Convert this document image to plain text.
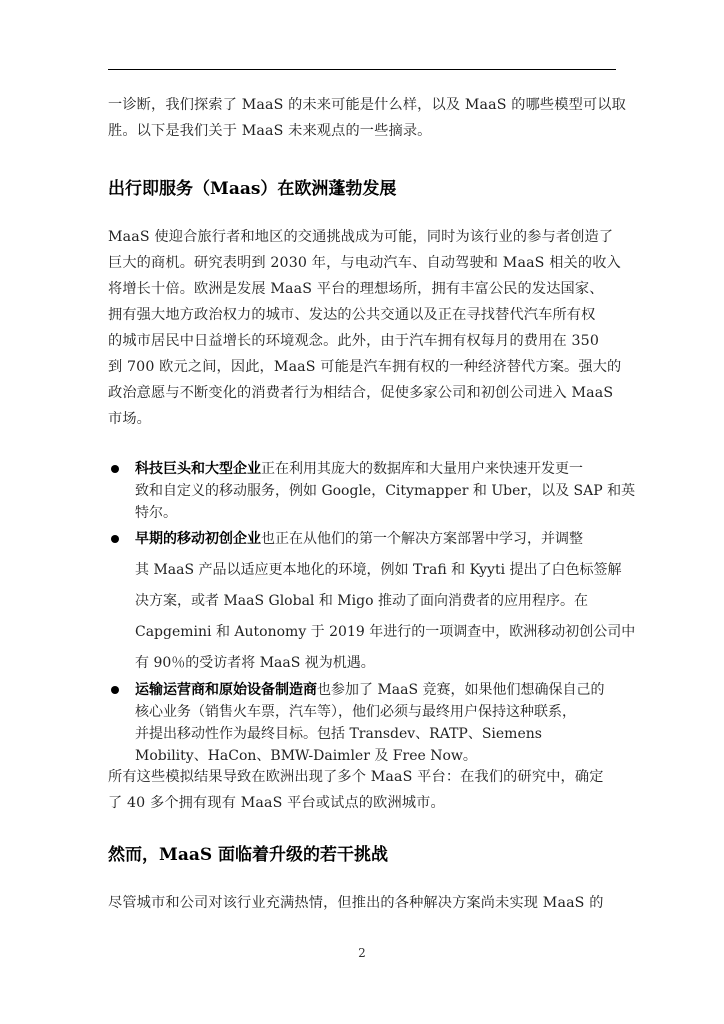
一诊断，我们探索了 MaaS 的未来可能是什么样，以及 MaaS 的哪些模型可以取
胜。以下是我们关于 MaaS 未来观点的一些摘录。
出行即服务（Maas）在欧洲蓬勃发展
MaaS 使迎合旅行者和地区的交通挑战成为可能，同时为该行业的参与者创造了
巨大的商机。研究表明到 2030 年，与电动汽车、自动驾驶和 MaaS 相关的收入
将增长十倍。欧洲是发展 MaaS 平台的理想场所，拥有丰富公民的发达国家、
拥有强大地方政治权力的城市、发达的公共交通以及正在寻找替代汽车所有权
的城市居民中日益增长的环境观念。此外，由于汽车拥有权每月的费用在 350
到 700 欧元之间，因此，MaaS 可能是汽车拥有权的一种经济替代方案。强大的
政治意愿与不断变化的消费者行为相结合，促使多家公司和初创公司进入 MaaS
市场。
科技巨头和大型企业正在利用其庞大的数据库和大量用户来快速开发更一
致和自定义的移动服务，例如 Google，Citymapper 和 Uber，以及 SAP 和英
特尔。
早期的移动初创企业也正在从他们的第一个解决方案部署中学习，并调整
其 MaaS 产品以适应更本地化的环境，例如 Trafi 和 Kyyti 提出了白色标签解
决方案，或者 MaaS Global 和 Migo 推动了面向消费者的应用程序。在
Capgemini 和 Autonomy 于 2019 年进行的一项调查中，欧洲移动初创公司中
有 90％的受访者将 MaaS 视为机遇。
运输运营商和原始设备制造商也参加了 MaaS 竞赛，如果他们想确保自己的
核心业务（销售火车票，汽车等），他们必须与最终用户保持这种联系，
并提出移动性作为最终目标。包括 Transdev、RATP、Siemens
Mobility、HaCon、BMW-Daimler 及 Free Now。
所有这些模拟结果导致在欧洲出现了多个 MaaS 平台：在我们的研究中，确定
了 40 多个拥有现有 MaaS 平台或试点的欧洲城市。
然而，MaaS 面临着升级的若干挑战
尽管城市和公司对该行业充满热情，但推出的各种解决方案尚未实现 MaaS 的
2
